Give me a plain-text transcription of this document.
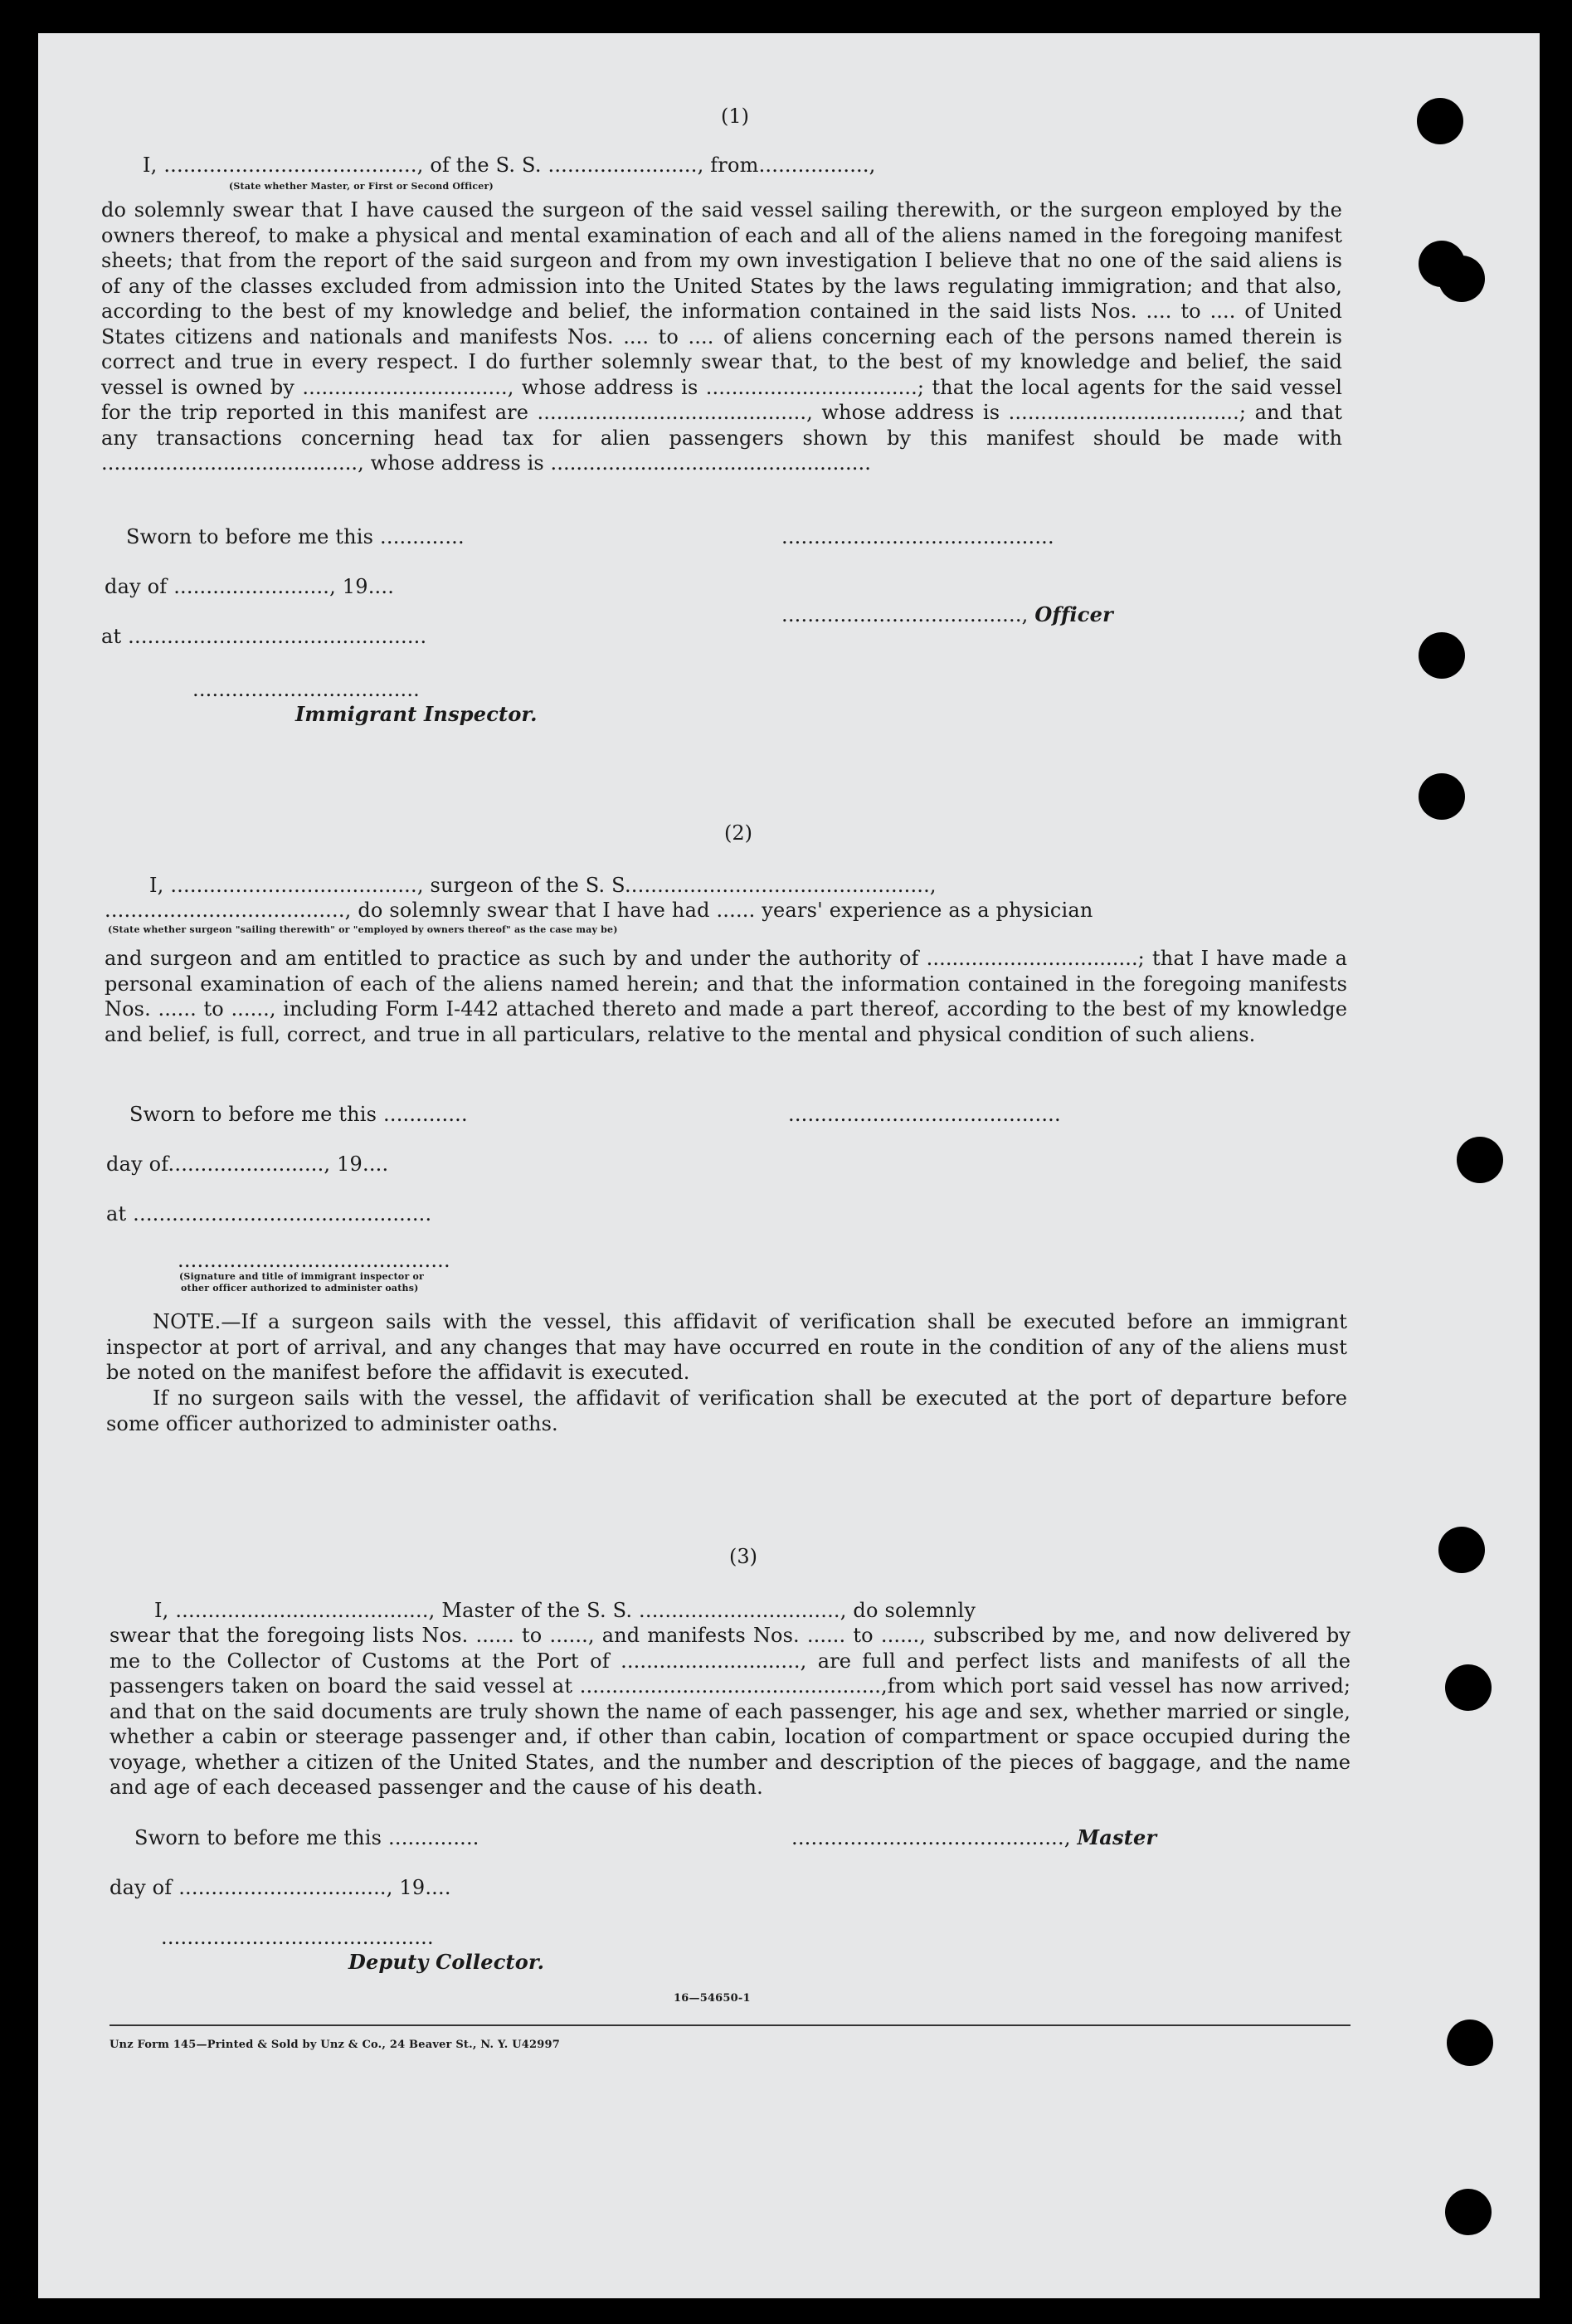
(1)
I, ......................................., of the S. S. ......................., from.................,
(State whether Master, or First or Second Officer)
do solemnly swear that I have caused the surgeon of the said vessel sailing therewith, or the surgeon employed by the owners thereof, to make a physical and mental examination of each and all of the aliens named in the foregoing manifest sheets; that from the report of the said surgeon and from my own investigation I believe that no one of the said aliens is of any of the classes excluded from admission into the United States by the laws regulating immigration; and that also, according to the best of my knowledge and belief, the information contained in the said lists Nos. .... to .... of United States citizens and nationals and manifests Nos. .... to .... of aliens concerning each of the persons named therein is correct and true in every respect. I do further solemnly swear that, to the best of my knowledge and belief, the said vessel is owned by ................................, whose address is .................................; that the local agents for the said vessel for the trip reported in this manifest are .........................................., whose address is ....................................; and that any transactions concerning head tax for alien passengers shown by this manifest should be made with ........................................, whose address is ..................................................
Sworn to before me this .............	..........................................
day of ........................, 19....
....................................., Officer
at ..............................................
...................................
Immigrant Inspector.
(2)
I, ......................................, surgeon of the S. S...............................................,
....................................., do solemnly swear that I have had ...... years' experience as a physician
(State whether surgeon "sailing therewith" or "employed by owners thereof" as the case may be)
and surgeon and am entitled to practice as such by and under the authority of .................................; that I have made a personal examination of each of the aliens named herein; and that the information contained in the foregoing manifests Nos. ...... to ......, including Form I-442 attached thereto and made a part thereof, according to the best of my knowledge and belief, is full, correct, and true in all particulars, relative to the mental and physical condition of such aliens.
Sworn to before me this .............	..........................................
day of........................, 19....
at ..............................................
..........................................
(Signature and title of immigrant inspector or
other officer authorized to administer oaths)
NOTE.—If a surgeon sails with the vessel, this affidavit of verification shall be executed before an immigrant inspector at port of arrival, and any changes that may have occurred en route in the condition of any of the aliens must be noted on the manifest before the affidavit is executed.
If no surgeon sails with the vessel, the affidavit of verification shall be executed at the port of departure before some officer authorized to administer oaths.
(3)
I, ......................................., Master of the S. S. ..............................., do solemnly
swear that the foregoing lists Nos. ...... to ......, and manifests Nos. ...... to ......, subscribed by me, and now delivered by me to the Collector of Customs at the Port of ............................, are full and perfect lists and manifests of all the passengers taken on board the said vessel at ...............................................,from which port said vessel has now arrived; and that on the said documents are truly shown the name of each passenger, his age and sex, whether married or single, whether a cabin or steerage passenger and, if other than cabin, location of compartment or space occupied during the voyage, whether a citizen of the United States, and the number and description of the pieces of baggage, and the name and age of each deceased passenger and the cause of his death.
Sworn to before me this ..............	.........................................., Master
day of ................................, 19....
..........................................
Deputy Collector.
16—54650-1
Unz Form 145—Printed & Sold by Unz & Co., 24 Beaver St., N. Y. U42997
